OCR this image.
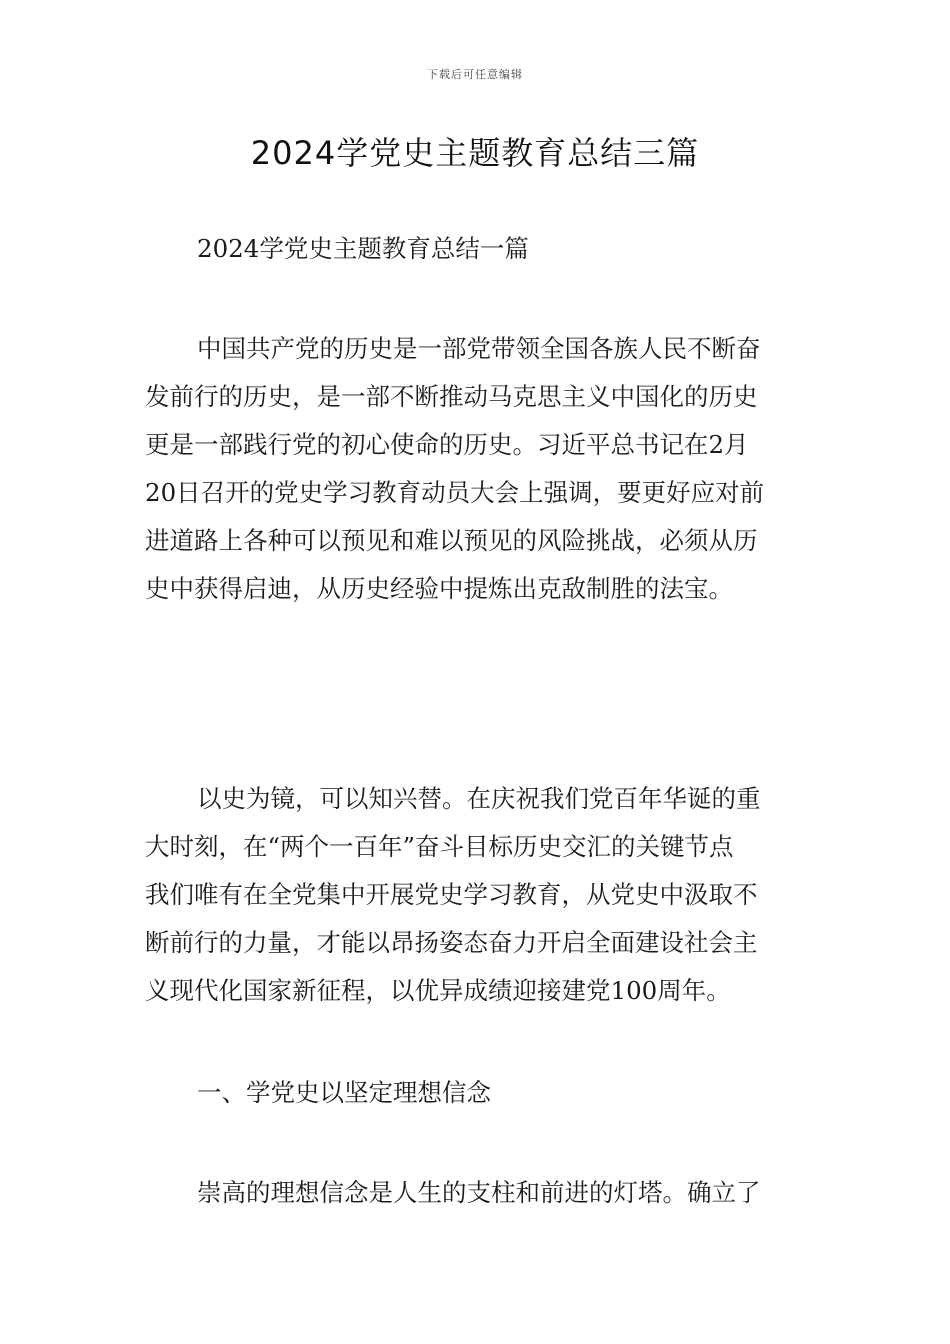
下载后可任意编辑
2024学党史主题教育总结三篇
2024学党史主题教育总结一篇
中国共产党的历史是一部党带领全国各族人民不断奋
发前行的历史，是一部不断推动马克思主义中国化的历史
更是一部践行党的初心使命的历史。习近平总书记在2月
20日召开的党史学习教育动员大会上强调，要更好应对前
进道路上各种可以预见和难以预见的风险挑战，必须从历
史中获得启迪，从历史经验中提炼出克敌制胜的法宝。
以史为镜，可以知兴替。在庆祝我们党百年华诞的重
大时刻，在“两个一百年”奋斗目标历史交汇的关键节点
我们唯有在全党集中开展党史学习教育，从党史中汲取不
断前行的力量，才能以昂扬姿态奋力开启全面建设社会主
义现代化国家新征程，以优异成绩迎接建党100周年。
一、学党史以坚定理想信念
崇高的理想信念是人生的支柱和前进的灯塔。确立了
